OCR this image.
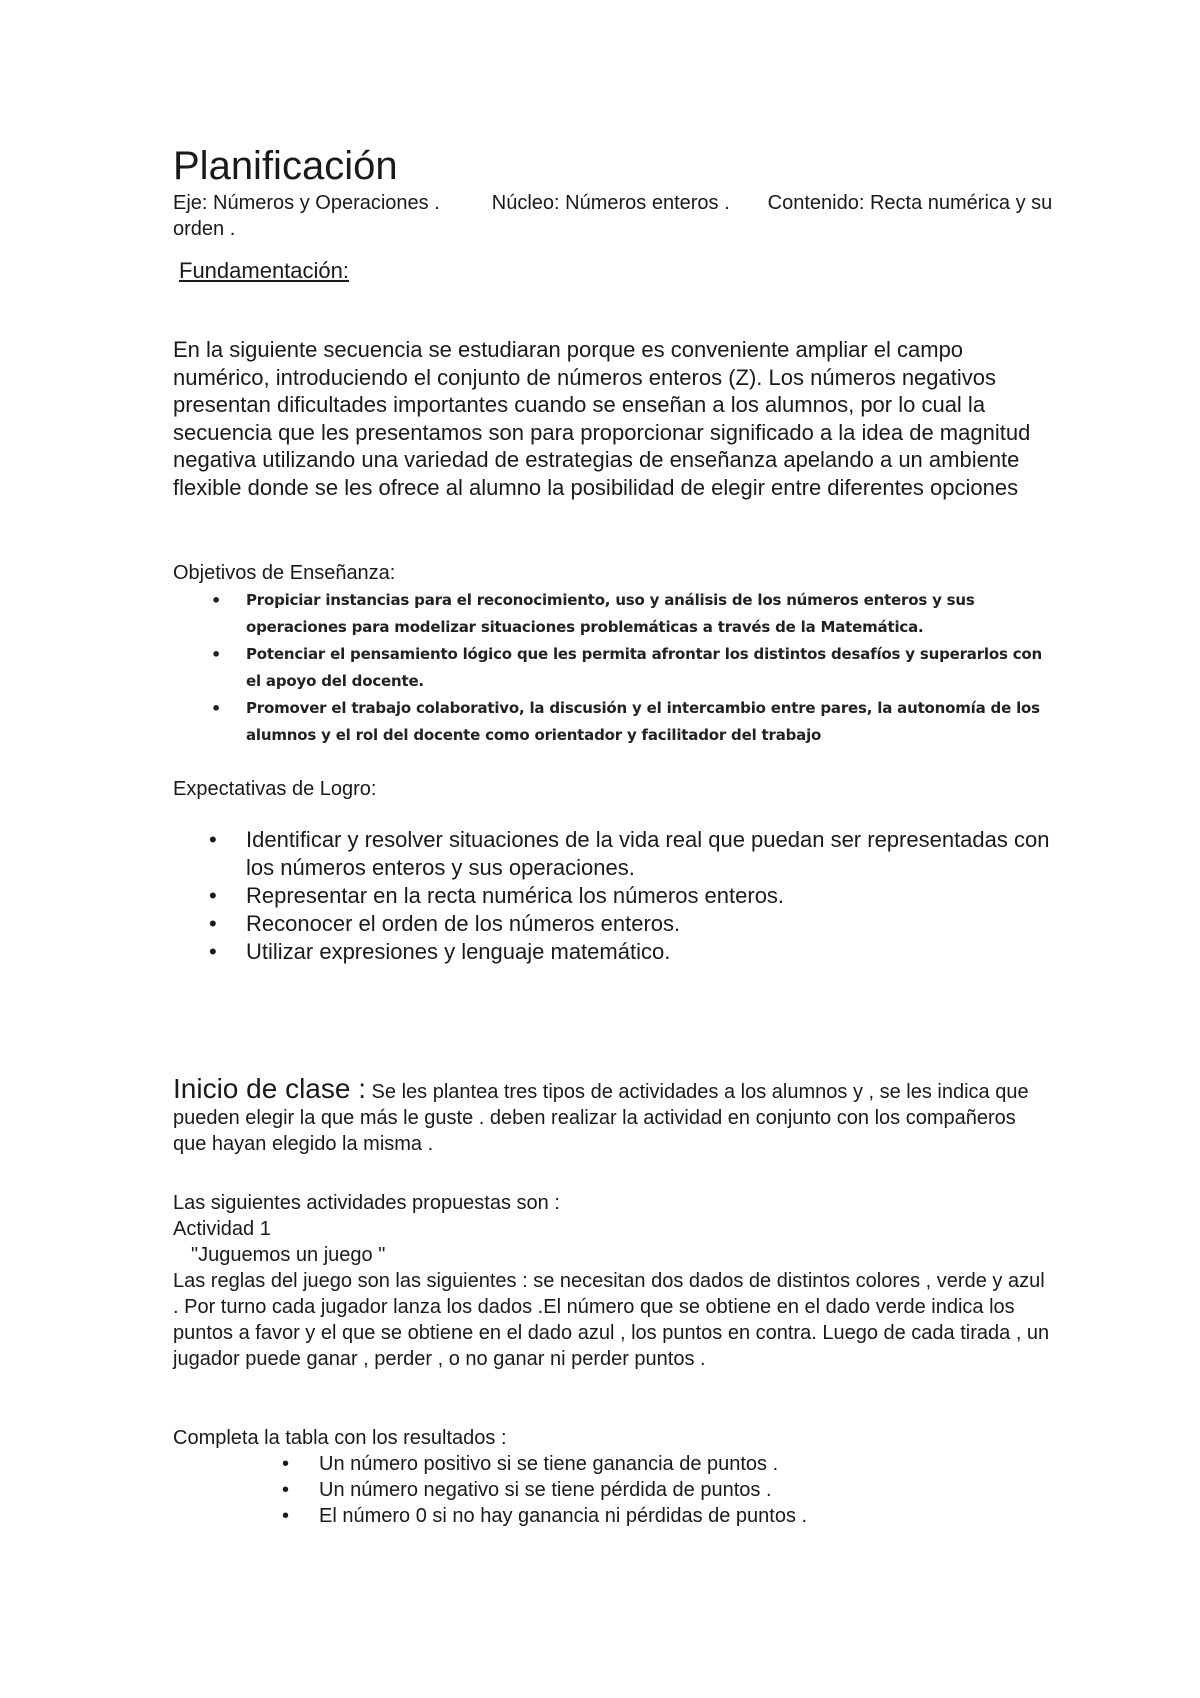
Planificación
Eje: Números y Operaciones .	Núcleo: Números enteros . Contenido: Recta numérica y su orden .
Fundamentación:

En la siguiente secuencia se estudiaran porque es conveniente ampliar el campo numérico, introduciendo el conjunto de números enteros (Z). Los números negativos presentan dificultades importantes cuando se enseñan a los alumnos, por lo cual la secuencia que les presentamos son para proporcionar significado a la idea de magnitud negativa utilizando una variedad de estrategias de enseñanza apelando a un ambiente flexible donde se les ofrece al alumno la posibilidad de elegir entre diferentes opciones

Objetivos de Enseñanza:
• Propiciar instancias para el reconocimiento, uso y análisis de los números enteros y sus operaciones para modelizar situaciones problemáticas a través de la Matemática.
• Potenciar el pensamiento lógico que les permita afrontar los distintos desafíos y superarlos con el apoyo del docente.
• Promover el trabajo colaborativo, la discusión y el intercambio entre pares, la autonomía de los alumnos y el rol del docente como orientador y facilitador del trabajo
Expectativas de Logro:
• Identificar y resolver situaciones de la vida real que puedan ser representadas con los números enteros y sus operaciones.
• Representar en la recta numérica los números enteros.
• Reconocer el orden de los números enteros.
• Utilizar expresiones y lenguaje matemático.

Inicio de clase : Se les plantea tres tipos de actividades a los alumnos y , se les indica que pueden elegir la que más le guste . deben realizar la actividad en conjunto con los compañeros que hayan elegido la misma .

Las siguientes actividades propuestas son :
Actividad 1
"Juguemos un juego "

Las reglas del juego son las siguientes : se necesitan dos dados de distintos colores , verde y azul . Por turno cada jugador lanza los dados .El número que se obtiene en el dado verde indica los puntos a favor y el que se obtiene en el dado azul , los puntos en contra. Luego de cada tirada , un jugador puede ganar , perder , o no ganar ni perder puntos .

Completa la tabla con los resultados :
• Un número positivo si se tiene ganancia de puntos .
• Un número negativo si se tiene pérdida de puntos .
• El número 0 si no hay ganancia ni pérdidas de puntos .
